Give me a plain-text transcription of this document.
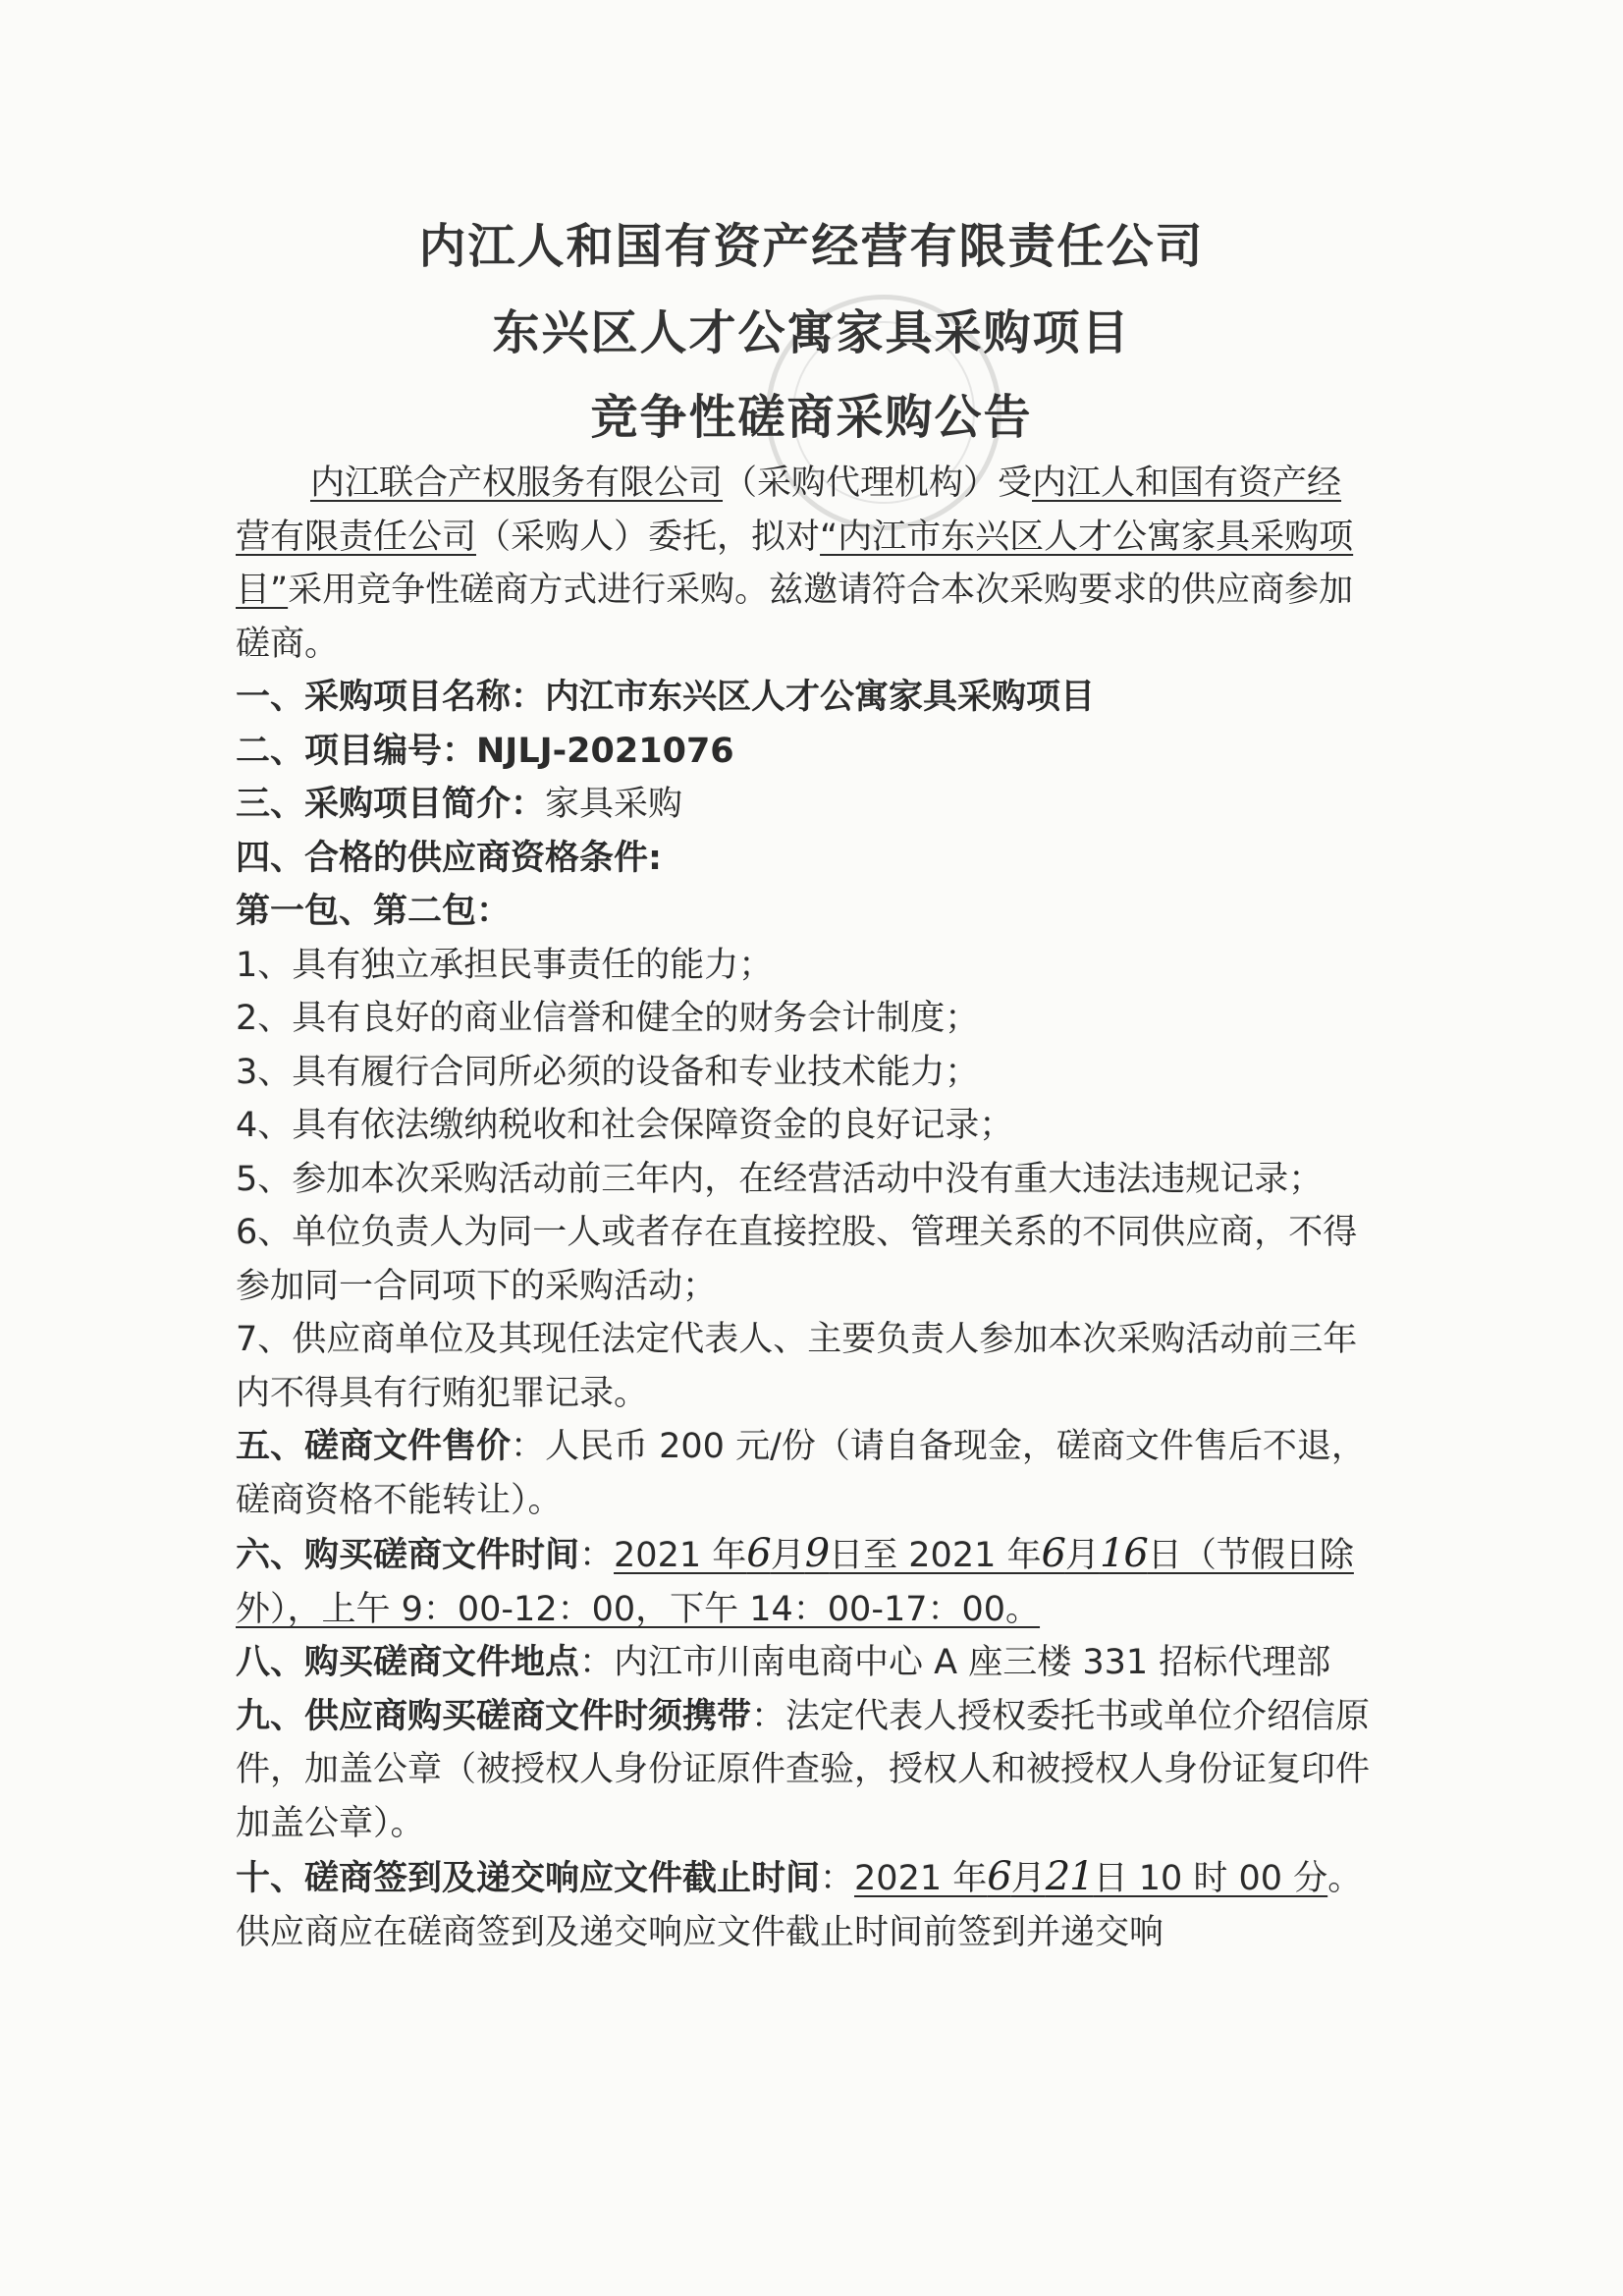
内江人和国有资产经营有限责任公司
东兴区人才公寓家具采购项目
竞争性磋商采购公告

内江联合产权服务有限公司（采购代理机构）受内江人和国有资产经营有限责任公司（采购人）委托，拟对“内江市东兴区人才公寓家具采购项目”采用竞争性磋商方式进行采购。兹邀请符合本次采购要求的供应商参加磋商。

一、采购项目名称：内江市东兴区人才公寓家具采购项目

二、项目编号：NJLJ-2021076

三、采购项目简介：家具采购

四、合格的供应商资格条件:

第一包、第二包：

1、具有独立承担民事责任的能力；

2、具有良好的商业信誉和健全的财务会计制度；

3、具有履行合同所必须的设备和专业技术能力；

4、具有依法缴纳税收和社会保障资金的良好记录；

5、参加本次采购活动前三年内，在经营活动中没有重大违法违规记录；

6、单位负责人为同一人或者存在直接控股、管理关系的不同供应商，不得参加同一合同项下的采购活动；

7、供应商单位及其现任法定代表人、主要负责人参加本次采购活动前三年内不得具有行贿犯罪记录。

五、磋商文件售价：人民币 200 元/份（请自备现金，磋商文件售后不退，磋商资格不能转让）。

六、购买磋商文件时间：2021 年6月9日至 2021 年6月16日（节假日除外），上午 9：00-12：00，下午 14：00-17：00。

八、购买磋商文件地点：内江市川南电商中心 A 座三楼 331 招标代理部

九、供应商购买磋商文件时须携带：法定代表人授权委托书或单位介绍信原件，加盖公章（被授权人身份证原件查验，授权人和被授权人身份证复印件加盖公章）。

十、磋商签到及递交响应文件截止时间：2021 年6月21日 10 时 00 分。供应商应在磋商签到及递交响应文件截止时间前签到并递交响
